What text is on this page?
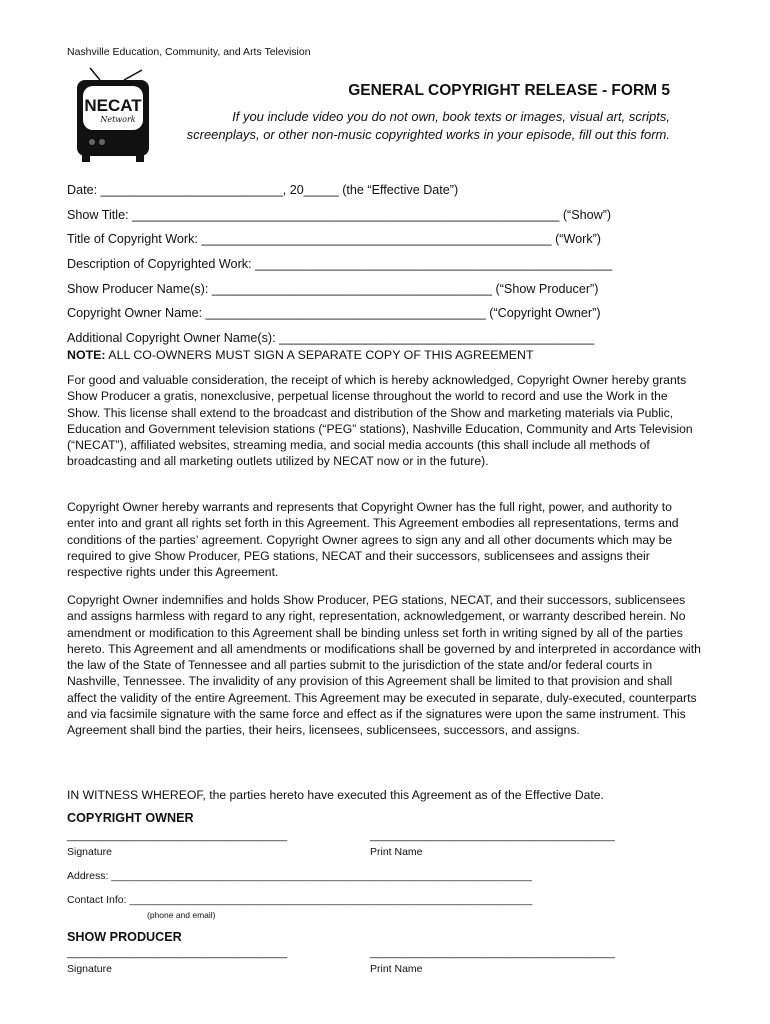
Nashville Education, Community, and Arts Television
NECAT
Network
GENERAL COPYRIGHT RELEASE - FORM 5
If you include video you do not own, book texts or images, visual art, scripts, screenplays, or other non-music copyrighted works in your episode, fill out this form.
Date: __________________________, 20_____ (the “Effective Date”)
Show Title: _____________________________________________________________ (“Show”)
Title of Copyright Work: __________________________________________________ (“Work”)
Description of Copyrighted Work: ___________________________________________________
Show Producer Name(s): ________________________________________ (“Show Producer”)
Copyright Owner Name: ________________________________________ (“Copyright Owner”)
Additional Copyright Owner Name(s): _____________________________________________
NOTE: ALL CO-OWNERS MUST SIGN A SEPARATE COPY OF THIS AGREEMENT
For good and valuable consideration, the receipt of which is hereby acknowledged, Copyright Owner hereby grants Show Producer a gratis, nonexclusive, perpetual license throughout the world to record and use the Work in the Show. This license shall extend to the broadcast and distribution of the Show and marketing materials via Public, Education and Government television stations (“PEG” stations), Nashville Education, Community and Arts Television (“NECAT”), affiliated websites, streaming media, and social media accounts (this shall include all methods of broadcasting and all marketing outlets utilized by NECAT now or in the future).
Copyright Owner hereby warrants and represents that Copyright Owner has the full right, power, and authority to enter into and grant all rights set forth in this Agreement. This Agreement embodies all representations, terms and conditions of the parties’ agreement. Copyright Owner agrees to sign any and all other documents which may be required to give Show Producer, PEG stations, NECAT and their successors, sublicensees and assigns their respective rights under this Agreement.
Copyright Owner indemnifies and holds Show Producer, PEG stations, NECAT, and their successors, sublicensees and assigns harmless with regard to any right, representation, acknowledgement, or warranty described herein. No amendment or modification to this Agreement shall be binding unless set forth in writing signed by all of the parties hereto. This Agreement and all amendments or modifications shall be governed by and interpreted in accordance with the law of the State of Tennessee and all parties submit to the jurisdiction of the state and/or federal courts in Nashville, Tennessee. The invalidity of any provision of this Agreement shall be limited to that provision and shall affect the validity of the entire Agreement. This Agreement may be executed in separate, duly-executed, counterparts and via facsimile signature with the same force and effect as if the signatures were upon the same instrument. This Agreement shall bind the parties, their heirs, licensees, sublicensees, successors, and assigns.
IN WITNESS WHEREOF, the parties hereto have executed this Agreement as of the Effective Date.
COPYRIGHT OWNER
____________________________________	________________________________________
Signature	Print Name
Address: ________________________________________________________________________
Contact Info: _____________________________________________________________________
(phone and email)
SHOW PRODUCER
____________________________________	________________________________________
Signature	Print Name
